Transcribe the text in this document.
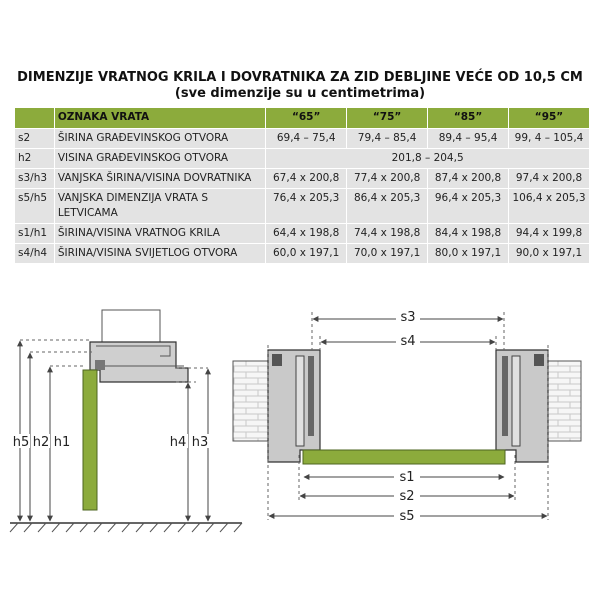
DIMENZIJE VRATNOG KRILA I DOVRATNIKA ZA ZID DEBLJINE VEĆE OD 10,5 CM
(sve dimenzije su u centimetrima)
	OZNAKA VRATA	“65”	“75”	“85”	“95”
s2	ŠIRINA GRAĐEVINSKOG OTVORA	69,4 – 75,4	79,4 – 85,4	89,4 – 95,4	99, 4 – 105,4
h2	VISINA GRAĐEVINSKOG OTVORA	201,8 – 204,5			
s3/h3	VANJSKA ŠIRINA/VISINA DOVRATNIKA	67,4 x 200,8	77,4 x 200,8	87,4 x 200,8	97,4 x 200,8
s5/h5	VANJSKA DIMENZIJA VRATA S LETVICAMA	76,4 x 205,3	86,4 x 205,3	96,4 x 205,3	106,4 x 205,3
s1/h1	ŠIRINA/VISINA VRATNOG KRILA	64,4 x 198,8	74,4 x 198,8	84,4 x 198,8	94,4 x 199,8
s4/h4	ŠIRINA/VISINA SVIJETLOG OTVORA	60,0 x 197,1	70,0 x 197,1	80,0 x 197,1	90,0 x 197,1
h5 h2 h1	h4 h3
s3
s4
s1
s2
s5
